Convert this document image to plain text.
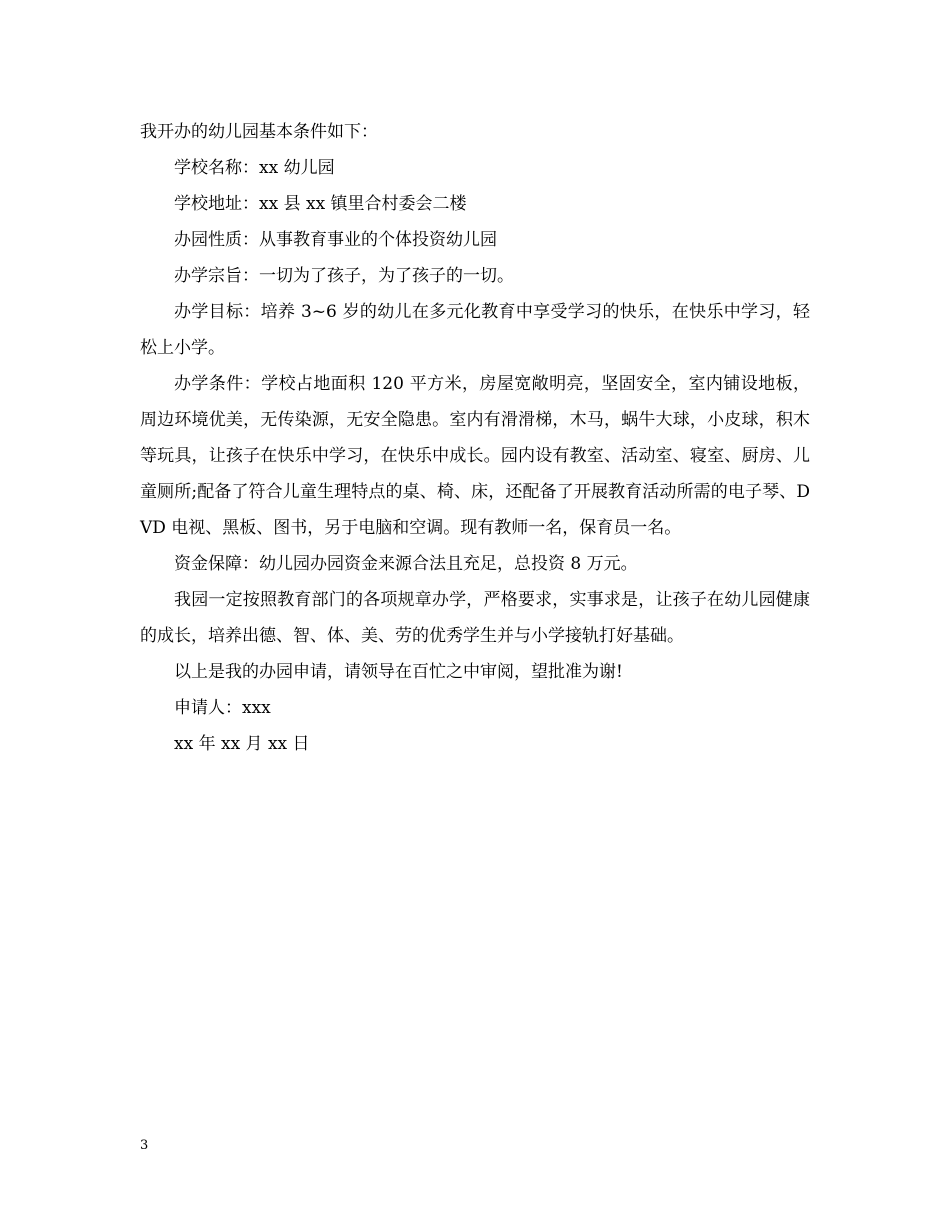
我开办的幼儿园基本条件如下：

学校名称：xx 幼儿园

学校地址：xx 县 xx 镇里合村委会二楼

办园性质：从事教育事业的个体投资幼儿园

办学宗旨：一切为了孩子，为了孩子的一切。

办学目标：培养 3~6 岁的幼儿在多元化教育中享受学习的快乐，在快乐中学习，轻松上小学。

办学条件：学校占地面积 120 平方米，房屋宽敞明亮，坚固安全，室内铺设地板，周边环境优美，无传染源，无安全隐患。室内有滑滑梯，木马，蜗牛大球，小皮球，积木等玩具，让孩子在快乐中学习，在快乐中成长。园内设有教室、活动室、寝室、厨房、儿童厕所;配备了符合儿童生理特点的桌、椅、床，还配备了开展教育活动所需的电子琴、DVD 电视、黑板、图书，另于电脑和空调。现有教师一名，保育员一名。

资金保障：幼儿园办园资金来源合法且充足，总投资 8 万元。

我园一定按照教育部门的各项规章办学，严格要求，实事求是，让孩子在幼儿园健康的成长，培养出德、智、体、美、劳的优秀学生并与小学接轨打好基础。

以上是我的办园申请，请领导在百忙之中审阅，望批准为谢!

申请人：xxx

xx 年 xx 月 xx 日

3
